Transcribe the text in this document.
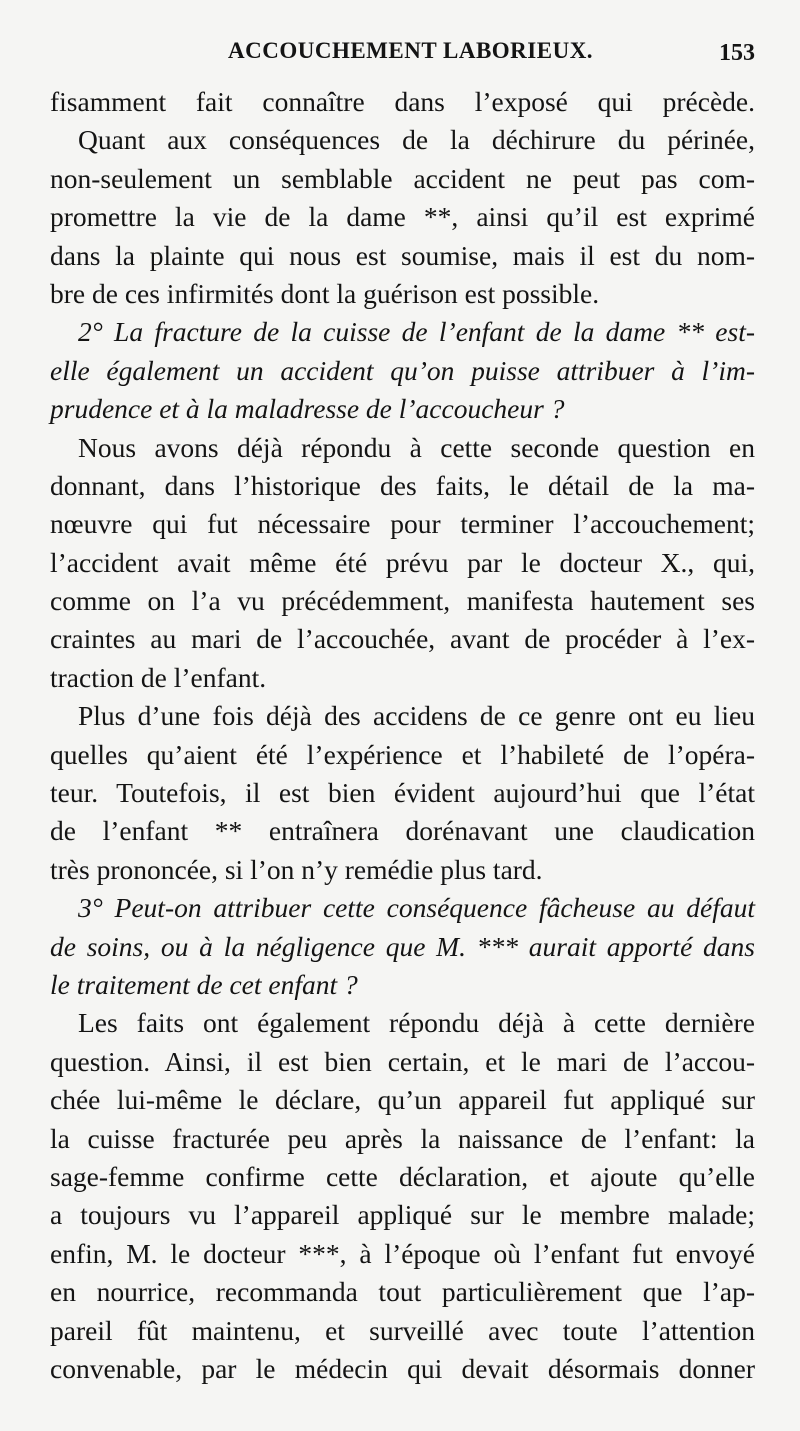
ACCOUCHEMENT LABORIEUX.	153
fisamment fait connaître dans l’exposé qui précède.
Quant aux conséquences de la déchirure du périnée,
non-seulement un semblable accident ne peut pas com-
promettre la vie de la dame **, ainsi qu’il est exprimé
dans la plainte qui nous est soumise, mais il est du nom-
bre de ces infirmités dont la guérison est possible.
2° La fracture de la cuisse de l’enfant de la dame ** est-
elle également un accident qu’on puisse attribuer à l’im-
prudence et à la maladresse de l’accoucheur ?
Nous avons déjà répondu à cette seconde question en
donnant, dans l’historique des faits, le détail de la ma-
nœuvre qui fut nécessaire pour terminer l’accouchement;
l’accident avait même été prévu par le docteur X., qui,
comme on l’a vu précédemment, manifesta hautement ses
craintes au mari de l’accouchée, avant de procéder à l’ex-
traction de l’enfant.
Plus d’une fois déjà des accidens de ce genre ont eu lieu
quelles qu’aient été l’expérience et l’habileté de l’opéra-
teur. Toutefois, il est bien évident aujourd’hui que l’état
de l’enfant ** entraînera dorénavant une claudication
très prononcée, si l’on n’y remédie plus tard.
3° Peut-on attribuer cette conséquence fâcheuse au défaut
de soins, ou à la négligence que M. *** aurait apporté dans
le traitement de cet enfant ?
Les faits ont également répondu déjà à cette dernière
question. Ainsi, il est bien certain, et le mari de l’accou-
chée lui-même le déclare, qu’un appareil fut appliqué sur
la cuisse fracturée peu après la naissance de l’enfant: la
sage-femme confirme cette déclaration, et ajoute qu’elle
a toujours vu l’appareil appliqué sur le membre malade;
enfin, M. le docteur ***, à l’époque où l’enfant fut envoyé
en nourrice, recommanda tout particulièrement que l’ap-
pareil fût maintenu, et surveillé avec toute l’attention
convenable, par le médecin qui devait désormais donner
